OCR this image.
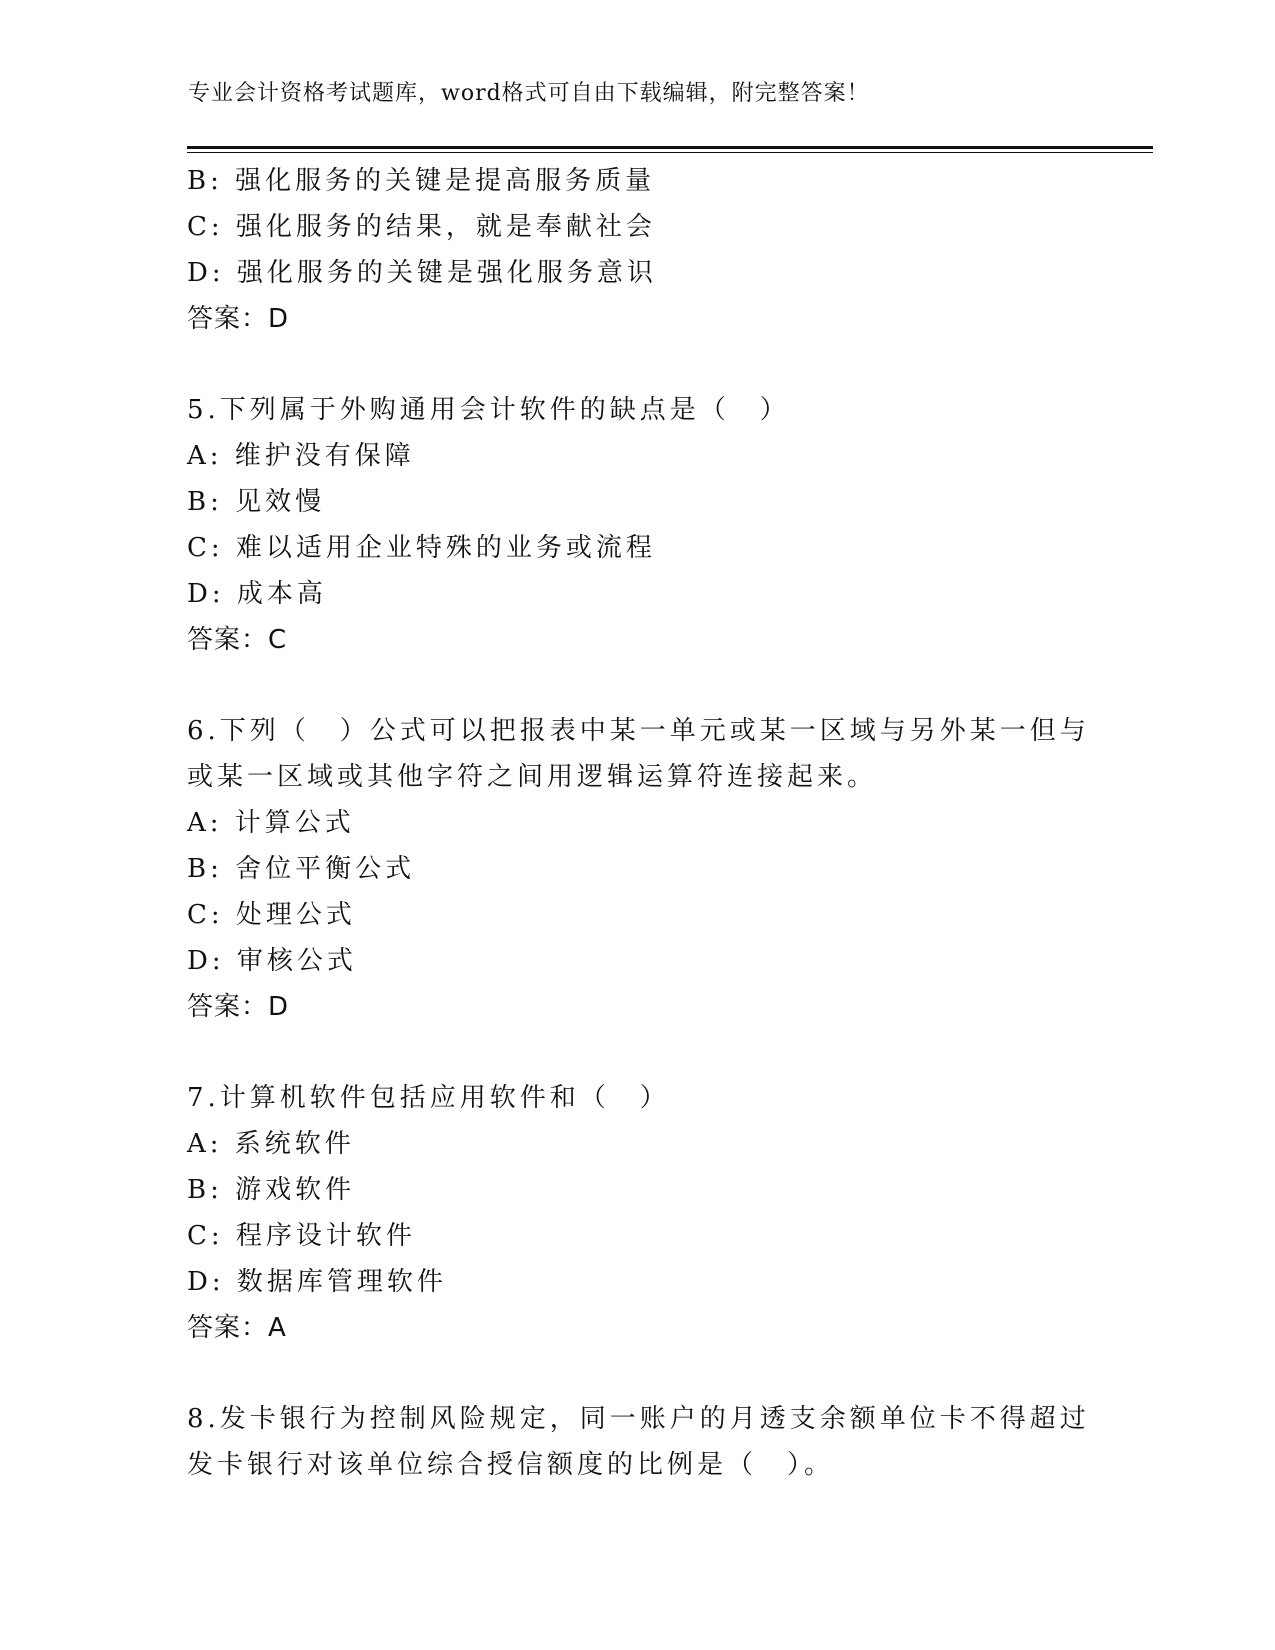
专业会计资格考试题库，word格式可自由下载编辑，附完整答案！
B: 强化服务的关键是提高服务质量
C: 强化服务的结果，就是奉献社会
D: 强化服务的关键是强化服务意识
答案：D
5.下列属于外购通用会计软件的缺点是（　）
A: 维护没有保障
B: 见效慢
C: 难以适用企业特殊的业务或流程
D: 成本高
答案：C
6.下列（　）公式可以把报表中某一单元或某一区域与另外某一但与
或某一区域或其他字符之间用逻辑运算符连接起来。
A: 计算公式
B: 舍位平衡公式
C: 处理公式
D: 审核公式
答案：D
7.计算机软件包括应用软件和（　）
A: 系统软件
B: 游戏软件
C: 程序设计软件
D: 数据库管理软件
答案：A
8.发卡银行为控制风险规定，同一账户的月透支余额单位卡不得超过
发卡银行对该单位综合授信额度的比例是（　）。
